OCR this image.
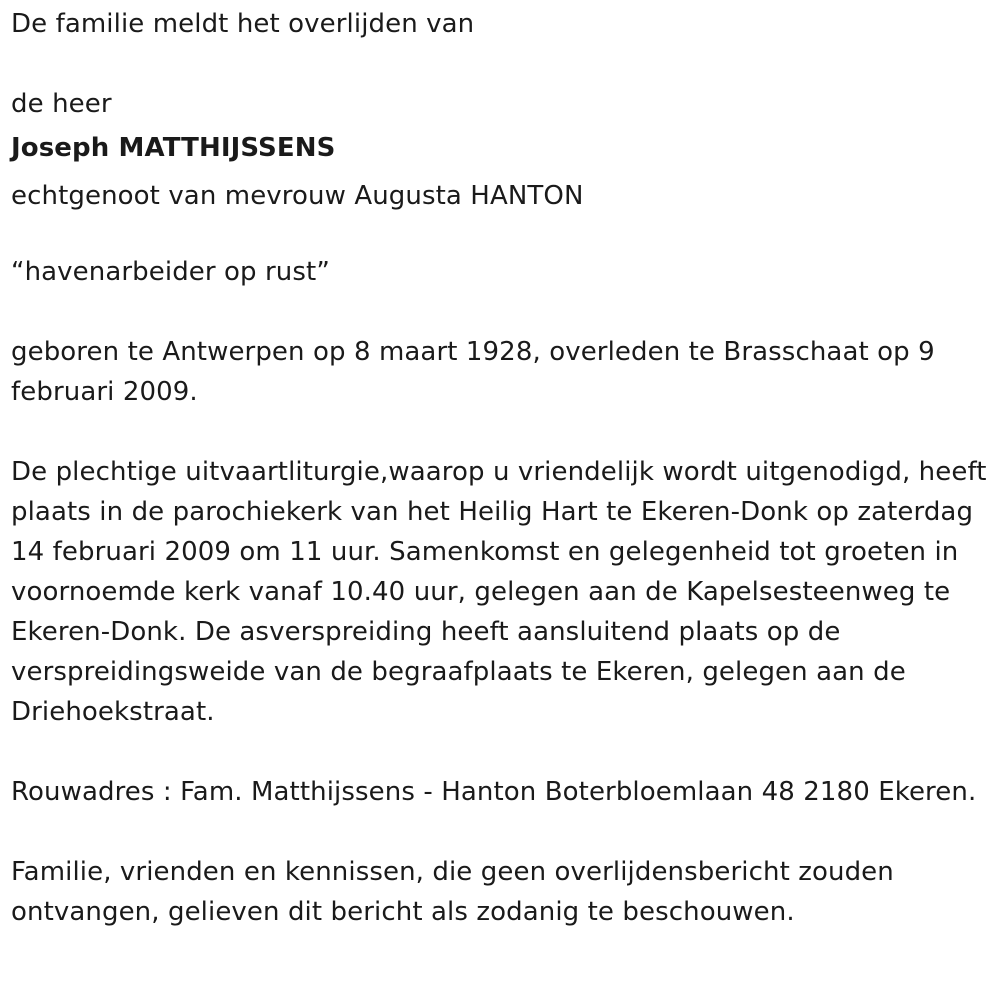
De familie meldt het overlijden van

de heer

Joseph MATTHIJSSENS

echtgenoot van mevrouw Augusta HANTON

“havenarbeider op rust”

geboren te Antwerpen op 8 maart 1928, overleden te Brasschaat op 9 februari 2009.

De plechtige uitvaartliturgie,waarop u vriendelijk wordt uitgenodigd, heeft plaats in de parochiekerk van het Heilig Hart te Ekeren-Donk op zaterdag 14 februari 2009 om 11 uur. Samenkomst en gelegenheid tot groeten in voornoemde kerk vanaf 10.40 uur, gelegen aan de Kapelsesteenweg te Ekeren-Donk. De asverspreiding heeft aansluitend plaats op de verspreidingsweide van de begraafplaats te Ekeren, gelegen aan de Driehoekstraat.

Rouwadres : Fam. Matthijssens - Hanton Boterbloemlaan 48 2180 Ekeren.

Familie, vrienden en kennissen, die geen overlijdensbericht zouden ontvangen, gelieven dit bericht als zodanig te beschouwen.
